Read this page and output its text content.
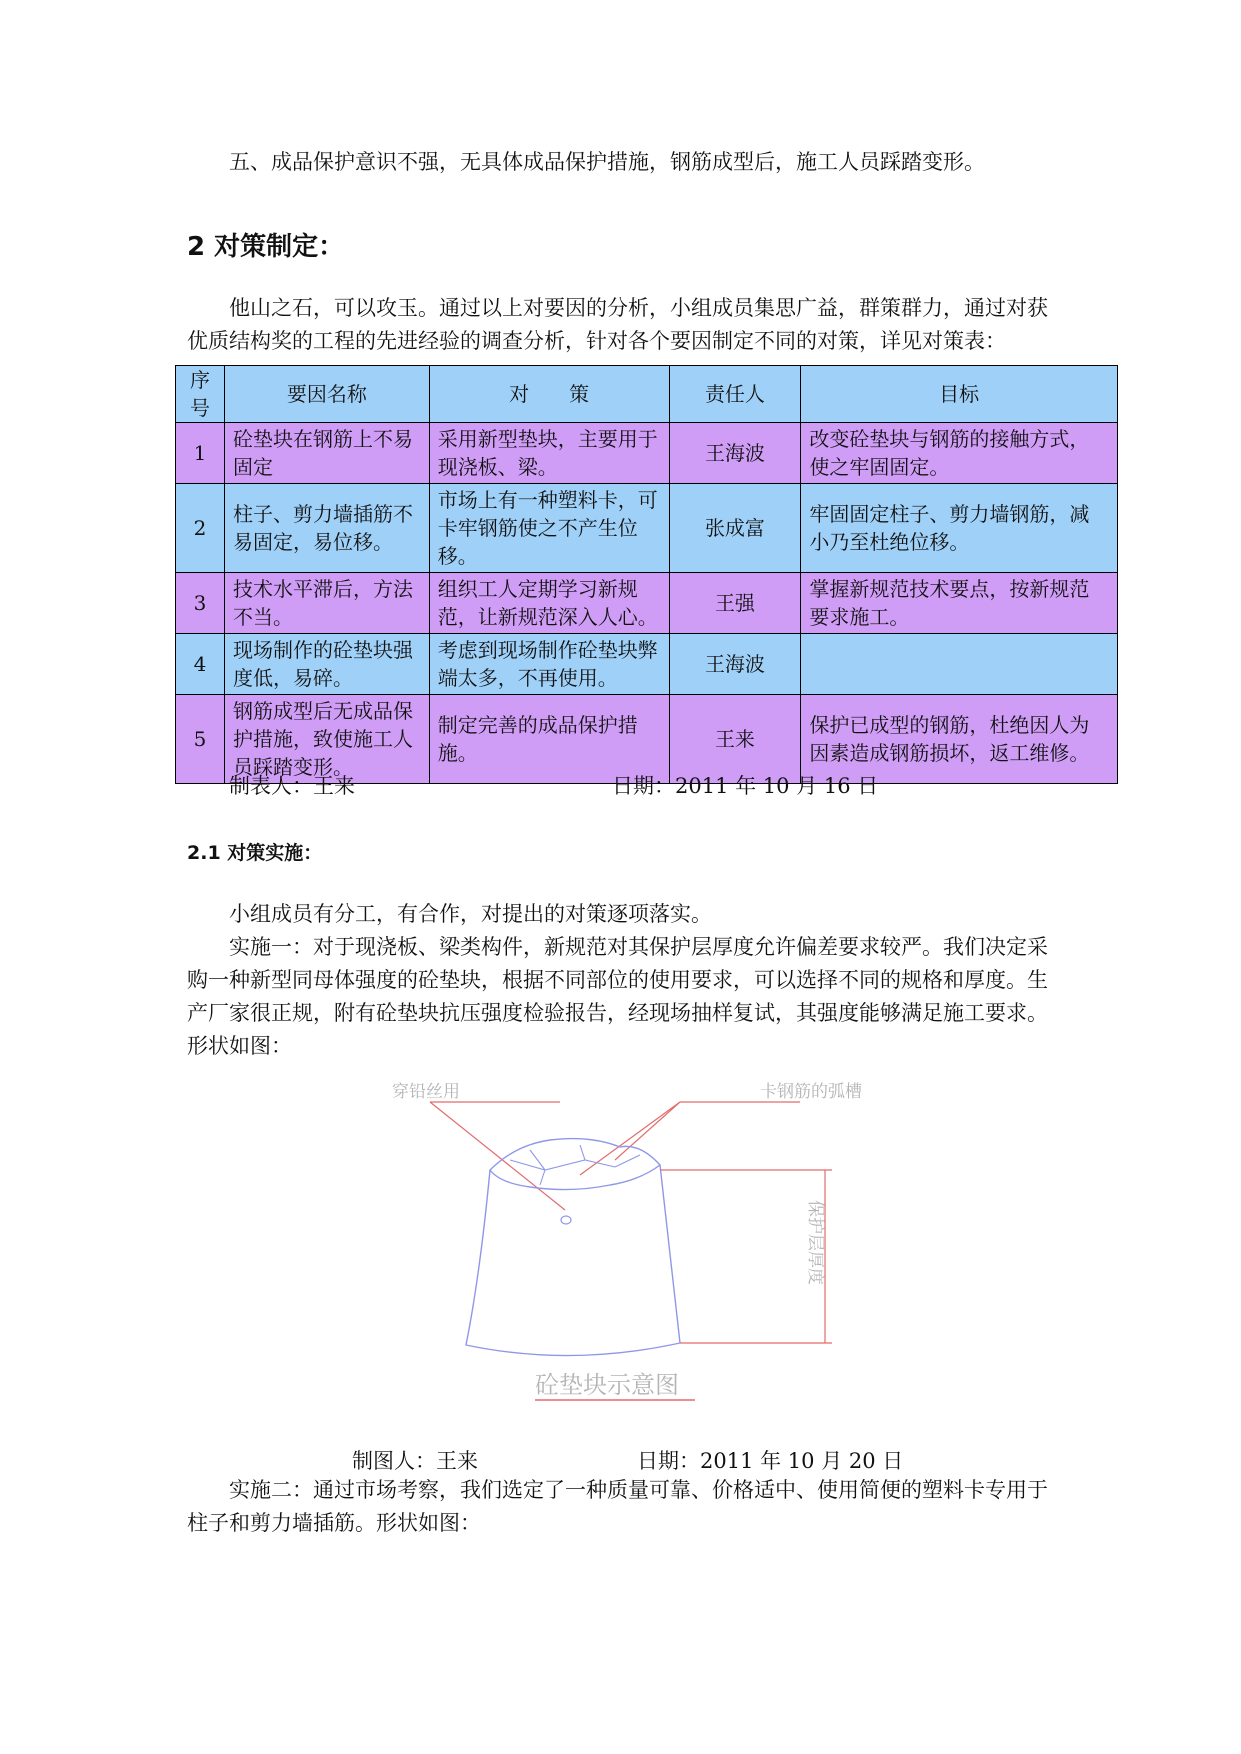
五、成品保护意识不强，无具体成品保护措施，钢筋成型后，施工人员踩踏变形。
2 对策制定：
他山之石，可以攻玉。通过以上对要因的分析，小组成员集思广益，群策群力，通过对获优质结构奖的工程的先进经验的调查分析，针对各个要因制定不同的对策，详见对策表：
序号	要因名称	对　　策	责任人	目标
1	砼垫块在钢筋上不易固定	采用新型垫块，主要用于现浇板、梁。	王海波	改变砼垫块与钢筋的接触方式，使之牢固固定。
2	柱子、剪力墙插筋不易固定，易位移。	市场上有一种塑料卡，可卡牢钢筋使之不产生位移。	张成富	牢固固定柱子、剪力墙钢筋，减小乃至杜绝位移。
3	技术水平滞后，方法不当。	组织工人定期学习新规范，让新规范深入人心。	王强	掌握新规范技术要点，按新规范要求施工。
4	现场制作的砼垫块强度低，易碎。	考虑到现场制作砼垫块弊端太多，不再使用。	王海波	
5	钢筋成型后无成品保护措施，致使施工人员踩踏变形。	制定完善的成品保护措施。	王来	保护已成型的钢筋，杜绝因人为因素造成钢筋损坏，返工维修。
制表人：王来	日期：2011 年 10 月 16 日
2.1 对策实施：
小组成员有分工，有合作，对提出的对策逐项落实。
实施一：对于现浇板、梁类构件，新规范对其保护层厚度允许偏差要求较严。我们决定采购一种新型同母体强度的砼垫块，根据不同部位的使用要求，可以选择不同的规格和厚度。生产厂家很正规，附有砼垫块抗压强度检验报告，经现场抽样复试，其强度能够满足施工要求。形状如图：
穿铅丝用	卡钢筋的弧槽
保护层厚度
砼垫块示意图
制图人：王来	日期：2011 年 10 月 20 日
实施二：通过市场考察，我们选定了一种质量可靠、价格适中、使用简便的塑料卡专用于柱子和剪力墙插筋。形状如图：
